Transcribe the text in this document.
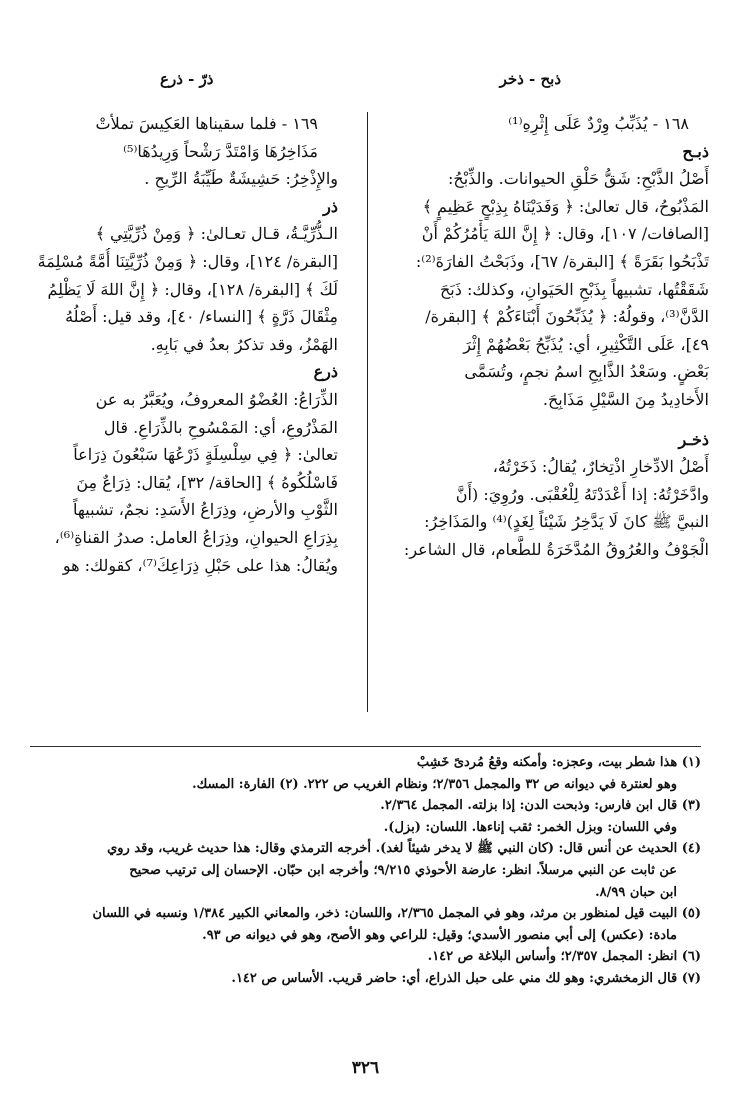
ذبح - ذخر
ذرّ - ذرع
١٦٨ - يُذَبِّبُ وِرْدٌ عَلَى إِثْرِهِ⁽¹⁾
ذبـح
أَصْلُ الذَّبْحِ: شَقُّ حَلْقِ الحيوانات. والذِّبْحُ:
المَذْبُوحُ، قال تعالىٰ: ﴿ وَفَدَيْنَاهُ بِذِبْحٍ عَظِيمٍ ﴾
[الصافات/ ١٠٧]، وقال: ﴿ إِنَّ اللهَ يَأْمُرُكُمْ أَنْ
تَذْبَحُوا بَقَرَةً ﴾ [البقرة/ ٦٧]، وذَبَحْتُ الفارَةَ⁽²⁾:
شَقَقْتُها، تشبيهاً بِذَبْحِ الحَيَوانِ، وكذلك: ذَبَحَ
الدَّنَّ⁽³⁾، وقولُهُ: ﴿ يُذَبِّحُونَ أَبْنَاءَكُمْ ﴾ [البقرة/
٤٩]، عَلَى التَّكْثِيرِ، أي: يُذَبِّحُ بَعْضُهُمْ إِثْرَ
بَعْضٍ. وسَعْدُ الذَّابِحِ اسمُ نجمٍ، وتُسَمَّى
الأَخادِيدُ مِنَ السَّيْلِ مَذَابِحَ.
ذخـر
أَصْلُ الادِّخارِ اذْتِخارٌ، يُقالُ: ذَخَرْتُهُ،
وادَّخَرْتُهُ: إذا أَعْدَدْتَهُ لِلْعُقْبَى. ورُوِيَ: (أَنَّ
النبيَّ ﷺ كانَ لَا يَدَّخِرُ شَيْئاً لِغَدٍ)⁽⁴⁾ والمَذَاخِرُ:
الْجَوْفُ والعُرُوقُ المُدَّخَرَةُ للطَّعام، قال الشاعر:
١٦٩ - فلما سقيناها العَكِيسَ تملأتْ
مَذَاخِرُهَا وَامْتَدَّ رَشْحاً وَرِيدُهَا⁽⁵⁾
والإِذْخِرُ: حَشِيشَةٌ طَيِّبَةُ الرِّيحِ .
ذر
الـذُّرِّيَّـةُ، قـال تعـالىٰ: ﴿ وَمِنْ ذُرِّيَّتِي ﴾
[البقرة/ ١٢٤]، وقال: ﴿ وَمِنْ ذُرِّيَّتِنَا أُمَّةً مُسْلِمَةً
لَكَ ﴾ [البقرة/ ١٢٨]، وقال: ﴿ إِنَّ اللهَ لَا يَظْلِمُ
مِثْقَالَ ذَرَّةٍ ﴾ [النساء/ ٤٠]، وقد قيل: أَصْلُهُ
الهَمْزُ، وقد تذكرُ بعدُ في بَابِهِ.
ذرع
الذِّرَاعُ: العُضْوُ المعروفُ، ويُعَبَّرُ به عن
المَذْرُوعِ، أي: المَمْسُوحِ بالذِّرَاعِ. قال
تعالىٰ: ﴿ فِي سِلْسِلَةٍ ذَرْعُهَا سَبْعُونَ ذِرَاعاً
فَاسْلُكُوهُ ﴾ [الحاقة/ ٣٢]، يُقال: ذِرَاعٌ مِنَ
الثَّوْبِ والأرضِ، وذِرَاعُ الأَسَدِ: نجمٌ، تشبيهاً
بِذِرَاعِ الحيوانِ، وذِرَاعُ العامل: صدرُ القناةِ⁽⁶⁾،
ويُقالُ: هذا على حَبْلِ ذِرَاعِكَ⁽⁷⁾، كقولك: هو
(١) هذا شطر بيت، وعجزه: وأمكنه وقعُ مُردىً خَشِبْ
وهو لعنترة في ديوانه ص ٣٢ والمجمل ٢/٣٥٦؛ ونظام الغريب ص ٢٢٢. (٢) الفارة: المسك.
(٣) قال ابن فارس: وذبحت الدن: إذا بزلته. المجمل ٢/٣٦٤.
وفي اللسان: وبزل الخمر: ثقب إناءها. اللسان: (بزل).
(٤) الحديث عن أنس قال: (كان النبي ﷺ لا يدخر شيئاً لغد). أخرجه الترمذي وقال: هذا حديث غريب، وقد روي
عن ثابت عن النبي مرسلاً. انظر: عارضة الأحوذي ٩/٢١٥؛ وأخرجه ابن حبّان. الإحسان إلى ترتيب صحيح
ابن حبان ٨/٩٩.
(٥) البيت قيل لمنظور بن مرثد، وهو في المجمل ٢/٣٦٥، واللسان: ذخر، والمعاني الكبير ١/٣٨٤ ونسبه في اللسان
مادة: (عكس) إلى أبي منصور الأسدي؛ وقيل: للراعي وهو الأصح، وهو في ديوانه ص ٩٣.
(٦) انظر: المجمل ٢/٣٥٧؛ وأساس البلاغة ص ١٤٢.
(٧) قال الزمخشري: وهو لك مني على حبل الذراع، أي: حاضر قريب. الأساس ص ١٤٢.
٣٢٦
